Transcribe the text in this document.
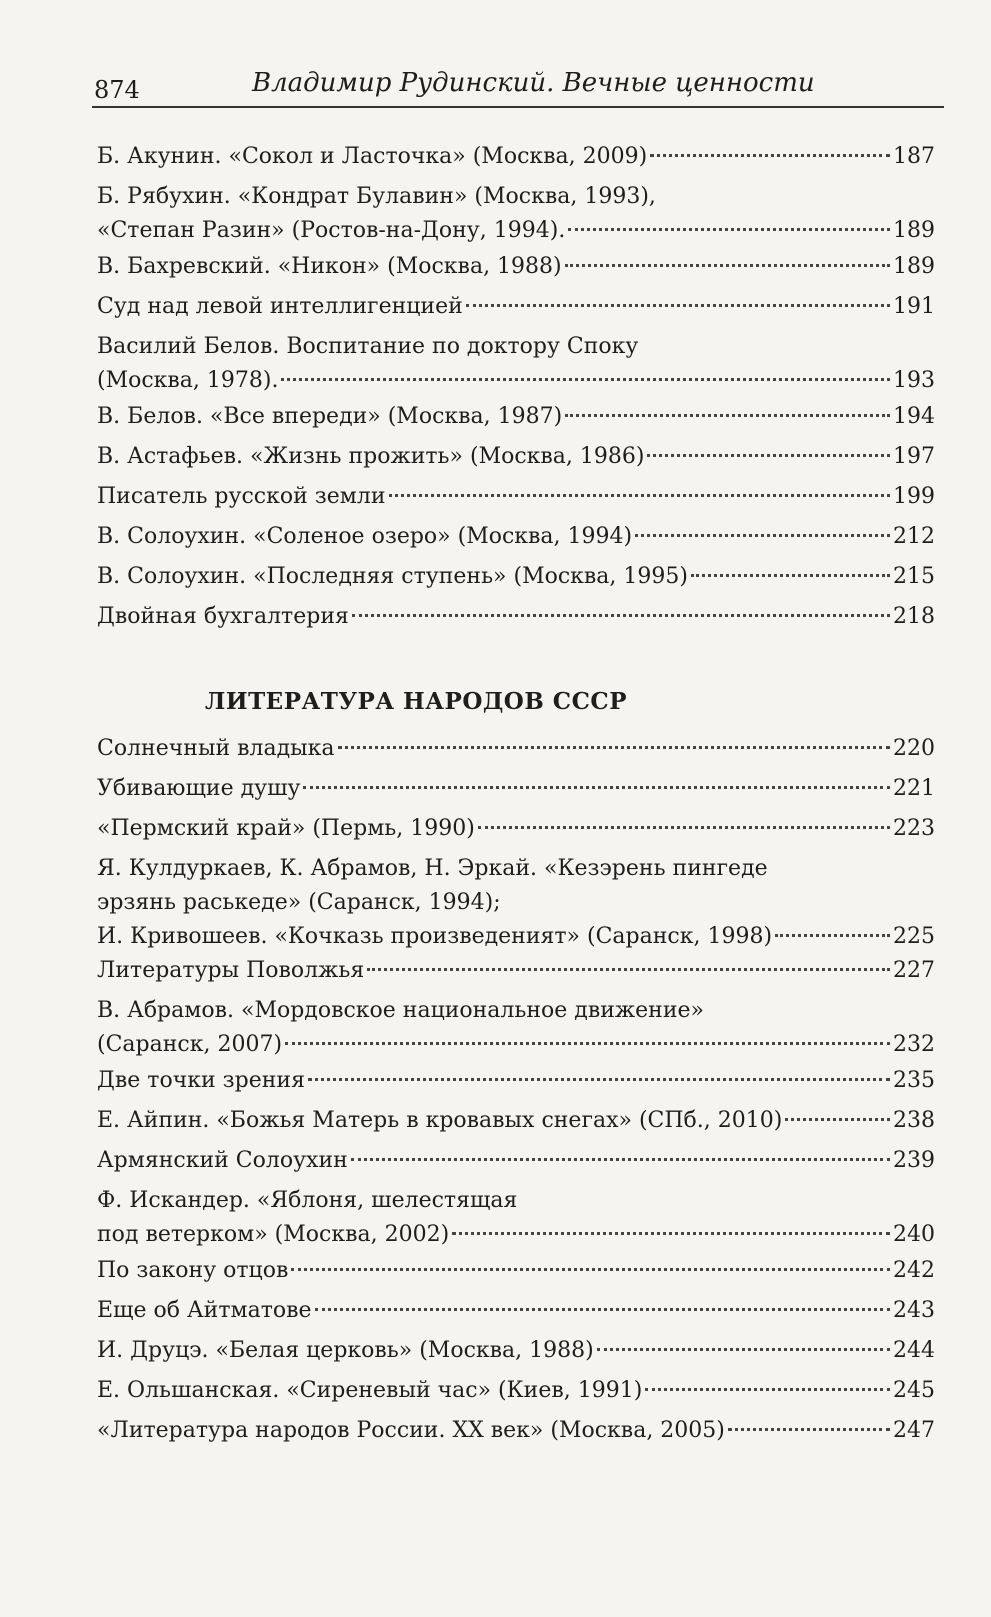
874	Владимир Рудинский. Вечные ценности
Б. Акунин. «Сокол и Ласточка» (Москва, 2009)	187
Б. Рябухин. «Кондрат Булавин» (Москва, 1993),
«Степан Разин» (Ростов-на-Дону, 1994).	189
В. Бахревский. «Никон» (Москва, 1988)	189
Суд над левой интеллигенцией	191
Василий Белов. Воспитание по доктору Споку
(Москва, 1978).	193
В. Белов. «Все впереди» (Москва, 1987)	194
В. Астафьев. «Жизнь прожить» (Москва, 1986)	197
Писатель русской земли	199
В. Солоухин. «Соленое озеро» (Москва, 1994)	212
В. Солоухин. «Последняя ступень» (Москва, 1995)	215
Двойная бухгалтерия	218
ЛИТЕРАТУРА НАРОДОВ СССР
Солнечный владыка	220
Убивающие душу	221
«Пермский край» (Пермь, 1990)	223
Я. Кулдуркаев, К. Абрамов, Н. Эркай. «Кезэрень пингеде
эрзянь раськеде» (Саранск, 1994);
И. Кривошеев. «Кочказь произведеният» (Саранск, 1998)	225
Литературы Поволжья	227
В. Абрамов. «Мордовское национальное движение»
(Саранск, 2007)	232
Две точки зрения	235
Е. Айпин. «Божья Матерь в кровавых снегах» (СПб., 2010)	238
Армянский Солоухин	239
Ф. Искандер. «Яблоня, шелестящая
под ветерком» (Москва, 2002)	240
По закону отцов	242
Еще об Айтматове	243
И. Друцэ. «Белая церковь» (Москва, 1988)	244
Е. Ольшанская. «Сиреневый час» (Киев, 1991)	245
«Литература народов России. XX век» (Москва, 2005)	247
